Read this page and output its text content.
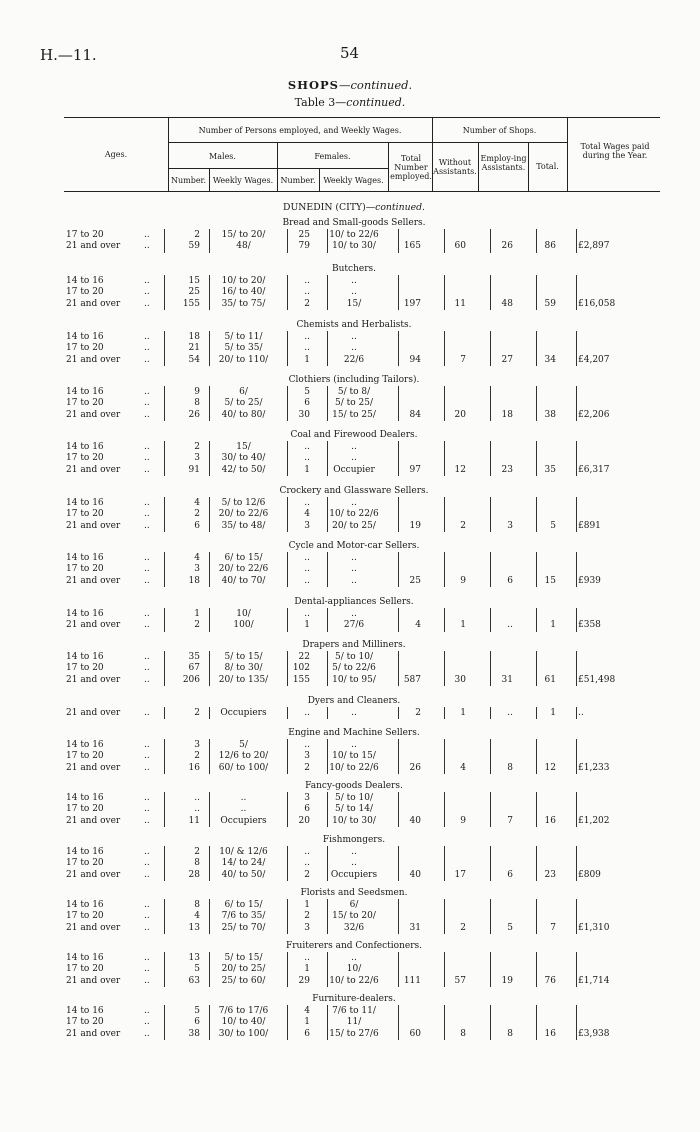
H.—11.	54
SHOPS—continued.
Table 3—continued.
Ages.
Number of Persons employed, and Weekly Wages.
Males.	Females.
Number. Weekly Wages. Number. Weekly Wages.
Total Number employed.
Number of Shops.
Without Assistants.
Employ-ing Assistants.	Total.
Total Wages paid during the Year.
DUNEDIN (CITY)—continued.
Bread and Small-goods Sellers.
17 to 20	..	2	15/ to 20/	25	10/ to 22/6
21 and over	..	59	48/	79	10/ to 30/	165	60	26	86 £2,897
Butchers.
14 to 16	..	15	10/ to 20/	..	..
17 to 20	..	25	16/ to 40/	..	..
21 and over	..	155	35/ to 75/	2	15/	197	11	48	59 £16,058
Chemists and Herbalists.
14 to 16	..	18	5/ to 11/	..	..
17 to 20	..	21	5/ to 35/	..	..
21 and over	..	54	20/ to 110/	1	22/6	94	7	27	34 £4,207
Clothiers (including Tailors).
14 to 16	..	9	6/	5	5/ to 8/
17 to 20	..	8	5/ to 25/	6	5/ to 25/
21 and over	..	26	40/ to 80/	30	15/ to 25/	84	20	18	38 £2,206
Coal and Firewood Dealers.
14 to 16	..	2	15/	..	..
17 to 20	..	3	30/ to 40/	..	..
21 and over	..	91	42/ to 50/	1	Occupier	97	12	23	35 £6,317
Crockery and Glassware Sellers.
14 to 16	..	4	5/ to 12/6	..	..
17 to 20	..	2	20/ to 22/6	4	10/ to 22/6
21 and over	..	6	35/ to 48/	3	20/ to 25/	19	2	3	5 £891
Cycle and Motor-car Sellers.
14 to 16	..	4	6/ to 15/	..	..
17 to 20	..	3	20/ to 22/6	..	..
21 and over	..	18	40/ to 70/	..	..	25	9	6	15 £939
Dental-appliances Sellers.
14 to 16	..	1	10/	..	..
21 and over	..	2	100/	1	27/6	4	1	..	1 £358
Drapers and Milliners.
14 to 16	..	35	5/ to 15/	22	5/ to 10/
17 to 20	..	67	8/ to 30/	102	5/ to 22/6
21 and over	..	206	20/ to 135/	155	10/ to 95/	587	30	31	61 £51,498
Dyers and Cleaners.
21 and over	..	2	Occupiers	..	..	2	1	..	1 ..
Engine and Machine Sellers.
14 to 16	..	3	5/	..	..
17 to 20	..	2	12/6 to 20/	3	10/ to 15/
21 and over	..	16	60/ to 100/	2	10/ to 22/6	26	4	8	12 £1,233
Fancy-goods Dealers.
14 to 16	..	..	..	3	5/ to 10/
17 to 20	..	..	..	6	5/ to 14/
21 and over	..	11	Occupiers	20	10/ to 30/	40	9	7	16 £1,202
Fishmongers.
14 to 16	..	2	10/ & 12/6	..	..
17 to 20	..	8	14/ to 24/	..	..
21 and over	..	28	40/ to 50/	2	Occupiers	40	17	6	23 £809
Florists and Seedsmen.
14 to 16	..	8	6/ to 15/	1	6/
17 to 20	..	4	7/6 to 35/	2	15/ to 20/
21 and over	..	13	25/ to 70/	3	32/6	31	2	5	7 £1,310
Fruiterers and Confectioners.
14 to 16	..	13	5/ to 15/	..	..
17 to 20	..	5	20/ to 25/	1	10/
21 and over	..	63	25/ to 60/	29	10/ to 22/6	111	57	19	76 £1,714
Furniture-dealers.
14 to 16	..	5	7/6 to 17/6	4	7/6 to 11/
17 to 20	..	6	10/ to 40/	1	11/
21 and over	..	38	30/ to 100/	6	15/ to 27/6	60	8	8	16 £3,938
